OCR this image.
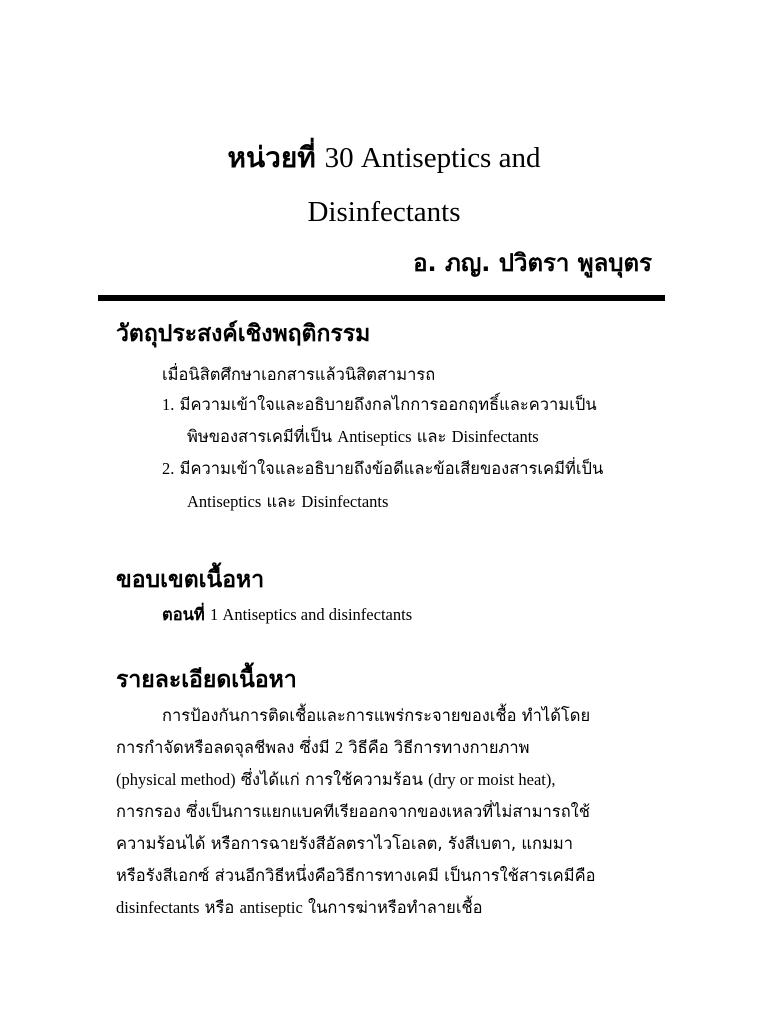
หน่วยที่ 30 Antiseptics and
Disinfectants
อ. ภญ. ปวิตรา พูลบุตร
วัตถุประสงค์เชิงพฤติกรรม
เมื่อนิสิตศึกษาเอกสารแล้วนิสิตสามารถ
1. มีความเข้าใจและอธิบายถึงกลไกการออกฤทธิ์และความเป็น
พิษของสารเคมีที่เป็น Antiseptics และ Disinfectants
2. มีความเข้าใจและอธิบายถึงข้อดีและข้อเสียของสารเคมีที่เป็น
Antiseptics และ Disinfectants
ขอบเขตเนื้อหา
ตอนที่ 1 Antiseptics and disinfectants
รายละเอียดเนื้อหา
การป้องกันการติดเชื้อและการแพร่กระจายของเชื้อ ทำได้โดย
การกำจัดหรือลดจุลชีพลง ซึ่งมี 2 วิธีคือ วิธีการทางกายภาพ
(physical method) ซึ่งได้แก่ การใช้ความร้อน (dry or moist heat),
การกรอง ซึ่งเป็นการแยกแบคทีเรียออกจากของเหลวที่ไม่สามารถใช้
ความร้อนได้ หรือการฉายรังสีอัลตราไวโอเลต, รังสีเบตา, แกมมา
หรือรังสีเอกซ์ ส่วนอีกวิธีหนึ่งคือวิธีการทางเคมี เป็นการใช้สารเคมีคือ
disinfectants หรือ antiseptic ในการฆ่าหรือทำลายเชื้อ
